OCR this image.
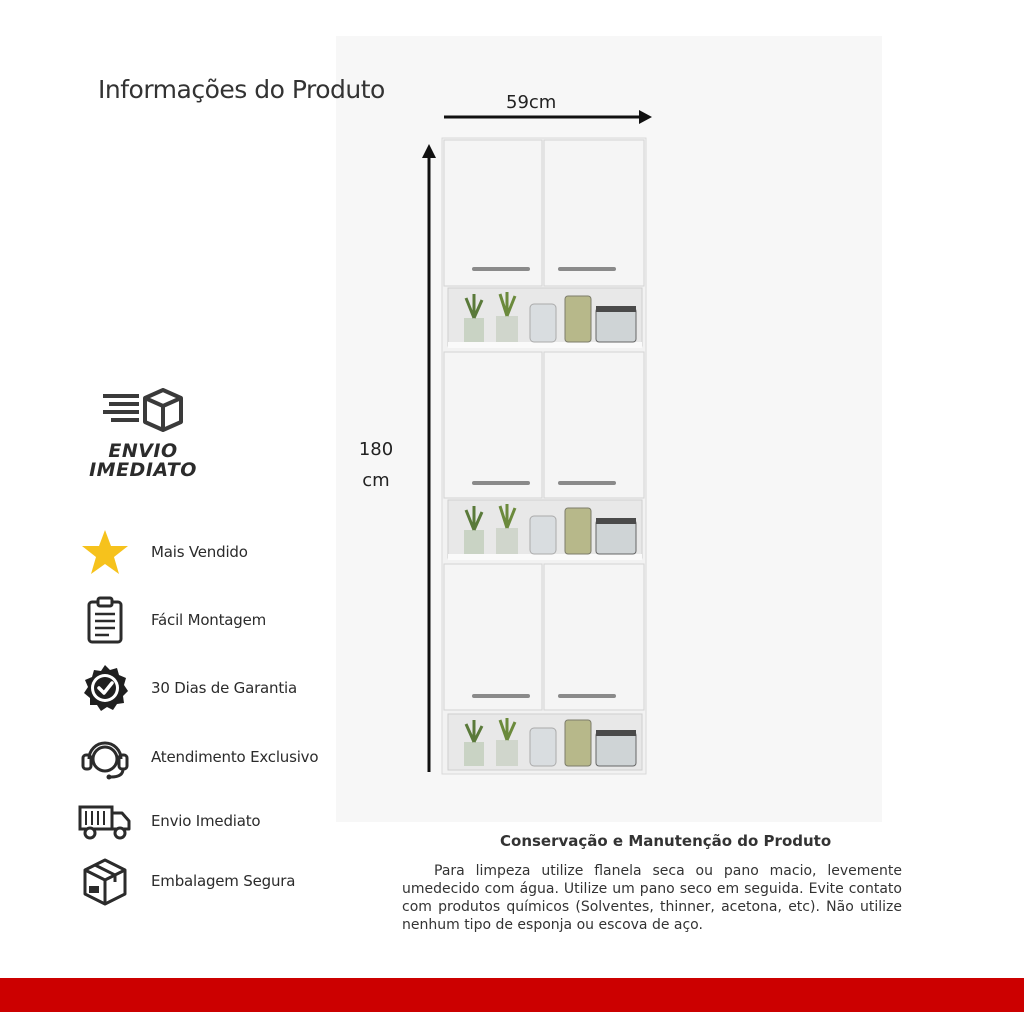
Informações do Produto	59cm
180
cm
ENVIO
IMEDIATO
Mais Vendido
Fácil Montagem
30 Dias de Garantia
Atendimento Exclusivo
Envio Imediato
Embalagem Segura
Conservação e Manutenção do Produto

Para limpeza utilize flanela seca ou pano macio, levemente umedecido com água. Utilize um pano seco em seguida. Evite contato com produtos químicos (Solventes, thinner, acetona, etc). Não utilize nenhum tipo de esponja ou escova de aço.
